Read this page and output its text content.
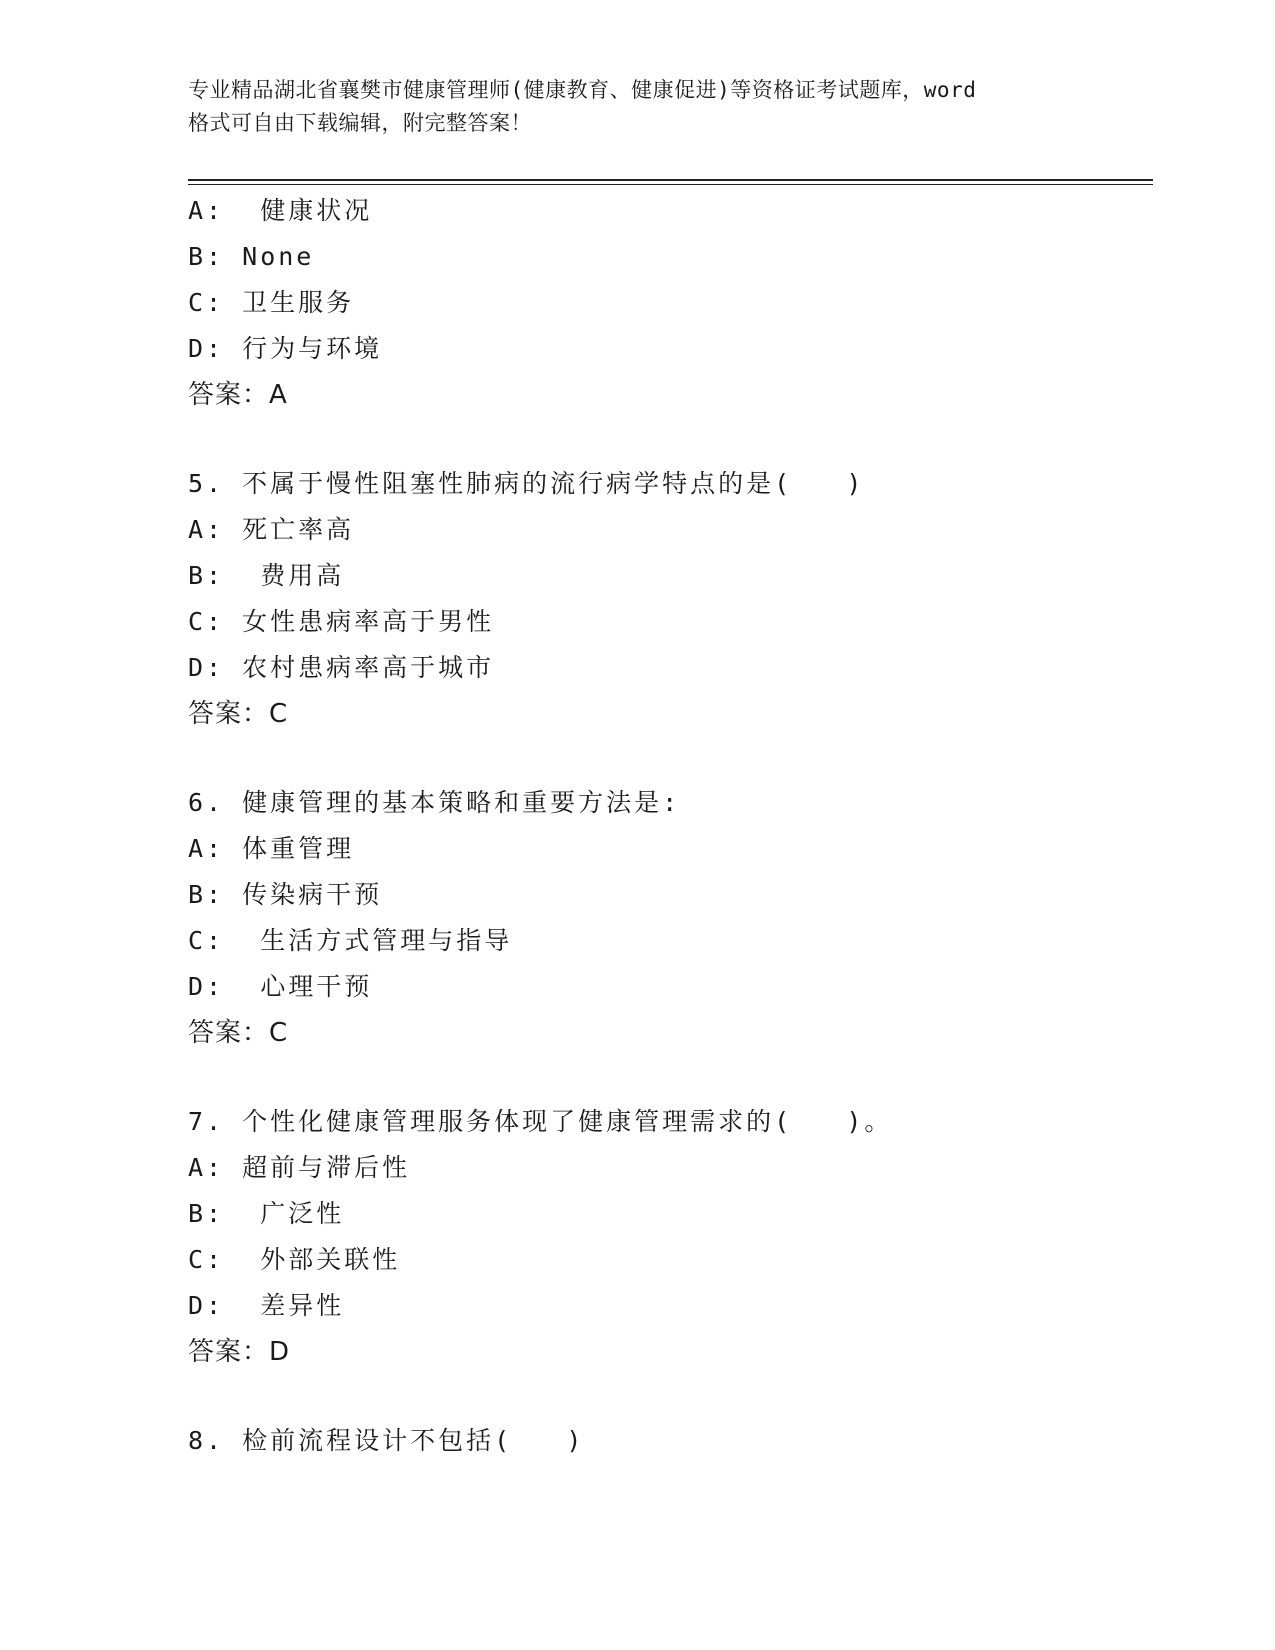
专业精品湖北省襄樊市健康管理师(健康教育、健康促进)等资格证考试题库，word
格式可自由下载编辑，附完整答案！
A:  健康状况
B: None
C: 卫生服务
D: 行为与环境
答案：A
5. 不属于慢性阻塞性肺病的流行病学特点的是(   )
A: 死亡率高
B:  费用高
C: 女性患病率高于男性
D: 农村患病率高于城市
答案：C
6. 健康管理的基本策略和重要方法是:
A: 体重管理
B: 传染病干预
C:  生活方式管理与指导
D:  心理干预
答案：C
7. 个性化健康管理服务体现了健康管理需求的(   )。
A: 超前与滞后性
B:  广泛性
C:  外部关联性
D:  差异性
答案：D
8. 检前流程设计不包括(   )
